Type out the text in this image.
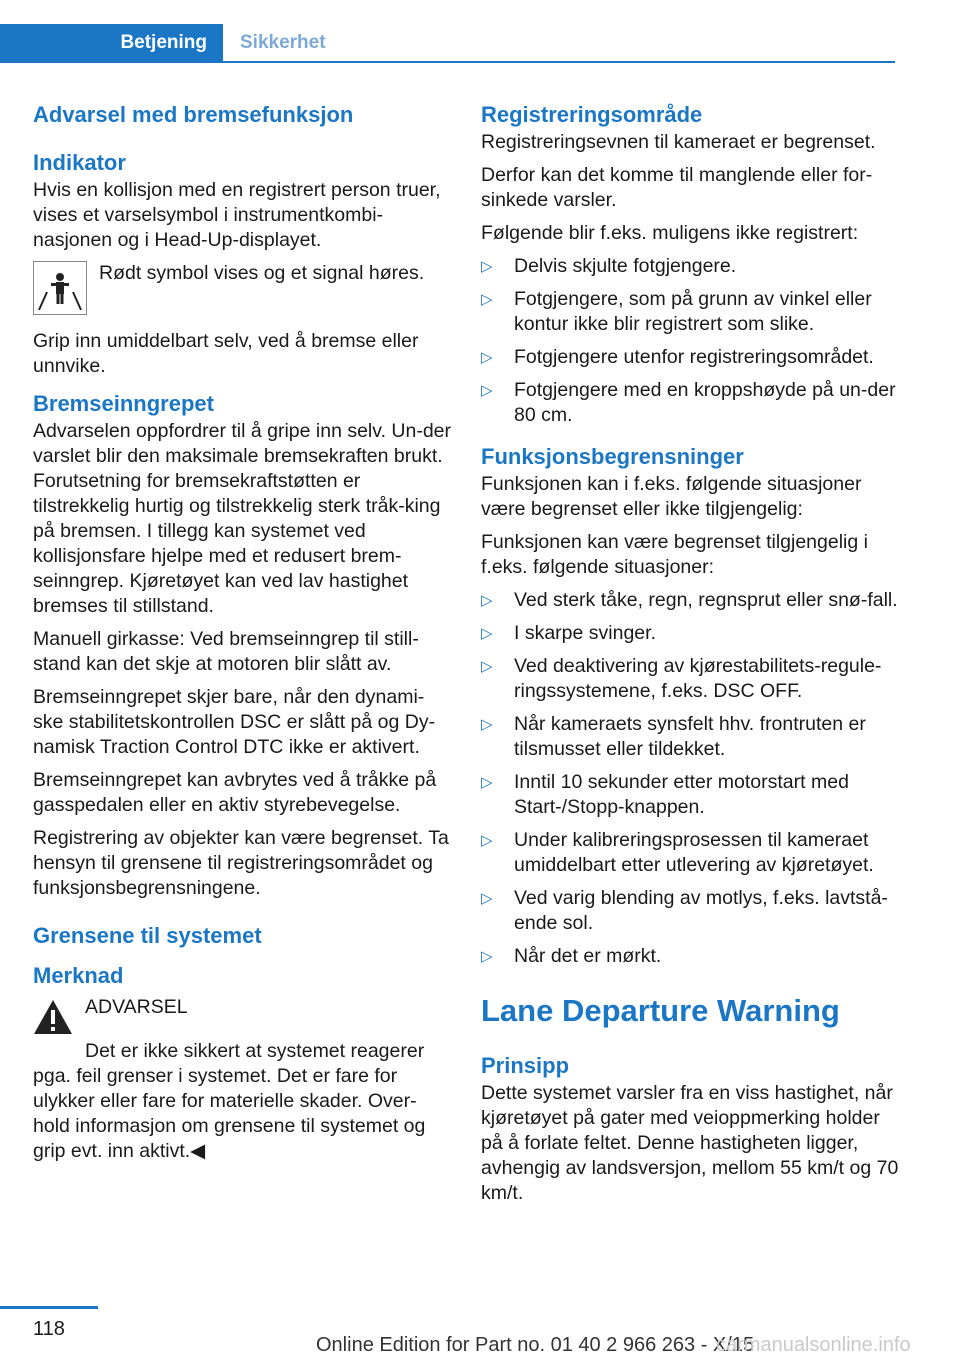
Betjening	Sikkerhet
Advarsel med bremsefunksjon
Indikator

Hvis en kollisjon med en registrert person truer, vises et varselsymbol i instrumentkombi-nasjonen og i Head-Up-displayet.

Rødt symbol vises og et signal høres.

Grip inn umiddelbart selv, ved å bremse eller unnvike.

Bremseinngrepet

Advarselen oppfordrer til å gripe inn selv. Un-der varslet blir den maksimale bremsekraften brukt. Forutsetning for bremsekraftstøtten er tilstrekkelig hurtig og tilstrekkelig sterk tråk-king på bremsen. I tillegg kan systemet ved kollisjonsfare hjelpe med et redusert brem-seinngrep. Kjøretøyet kan ved lav hastighet bremses til stillstand.

Manuell girkasse: Ved bremseinngrep til still-stand kan det skje at motoren blir slått av.

Bremseinngrepet skjer bare, når den dynami-ske stabilitetskontrollen DSC er slått på og Dy-namisk Traction Control DTC ikke er aktivert.

Bremseinngrepet kan avbrytes ved å tråkke på gasspedalen eller en aktiv styrebevegelse.

Registrering av objekter kan være begrenset. Ta hensyn til grensene til registreringsområdet og funksjonsbegrensningene.

Grensene til systemet
Merknad
ADVARSEL

Det er ikke sikkert at systemet reagerer pga. feil grenser i systemet. Det er fare for ulykker eller fare for materielle skader. Over-hold informasjon om grensene til systemet og grip evt. inn aktivt.◀

Registreringsområde

Registreringsevnen til kameraet er begrenset.

Derfor kan det komme til manglende eller for-sinkede varsler.

Følgende blir f.eks. muligens ikke registrert:

▷ Delvis skjulte fotgjengere.
▷ Fotgjengere, som på grunn av vinkel eller kontur ikke blir registrert som slike.
▷ Fotgjengere utenfor registreringsområdet.
▷ Fotgjengere med en kroppshøyde på un-der 80 cm.
Funksjonsbegrensninger

Funksjonen kan i f.eks. følgende situasjoner være begrenset eller ikke tilgjengelig:

Funksjonen kan være begrenset tilgjengelig i f.eks. følgende situasjoner:

▷ Ved sterk tåke, regn, regnsprut eller snø-fall.
▷ I skarpe svinger.
▷ Ved deaktivering av kjørestabilitets-regule-ringssystemene, f.eks. DSC OFF.
▷ Når kameraets synsfelt hhv. frontruten er tilsmusset eller tildekket.
▷ Inntil 10 sekunder etter motorstart med Start-/Stopp-knappen.
▷ Under kalibreringsprosessen til kameraet umiddelbart etter utlevering av kjøretøyet.
▷ Ved varig blending av motlys, f.eks. lavtstå-ende sol.
▷ Når det er mørkt.
Lane Departure Warning
Prinsipp

Dette systemet varsler fra en viss hastighet, når kjøretøyet på gater med veioppmerking holder på å forlate feltet. Denne hastigheten ligger, avhengig av landsversjon, mellom 55 km/t og 70 km/t.

118
Online Edition for Part no. 01 40 2 966 263 - X/15
carmanualsonline.info
